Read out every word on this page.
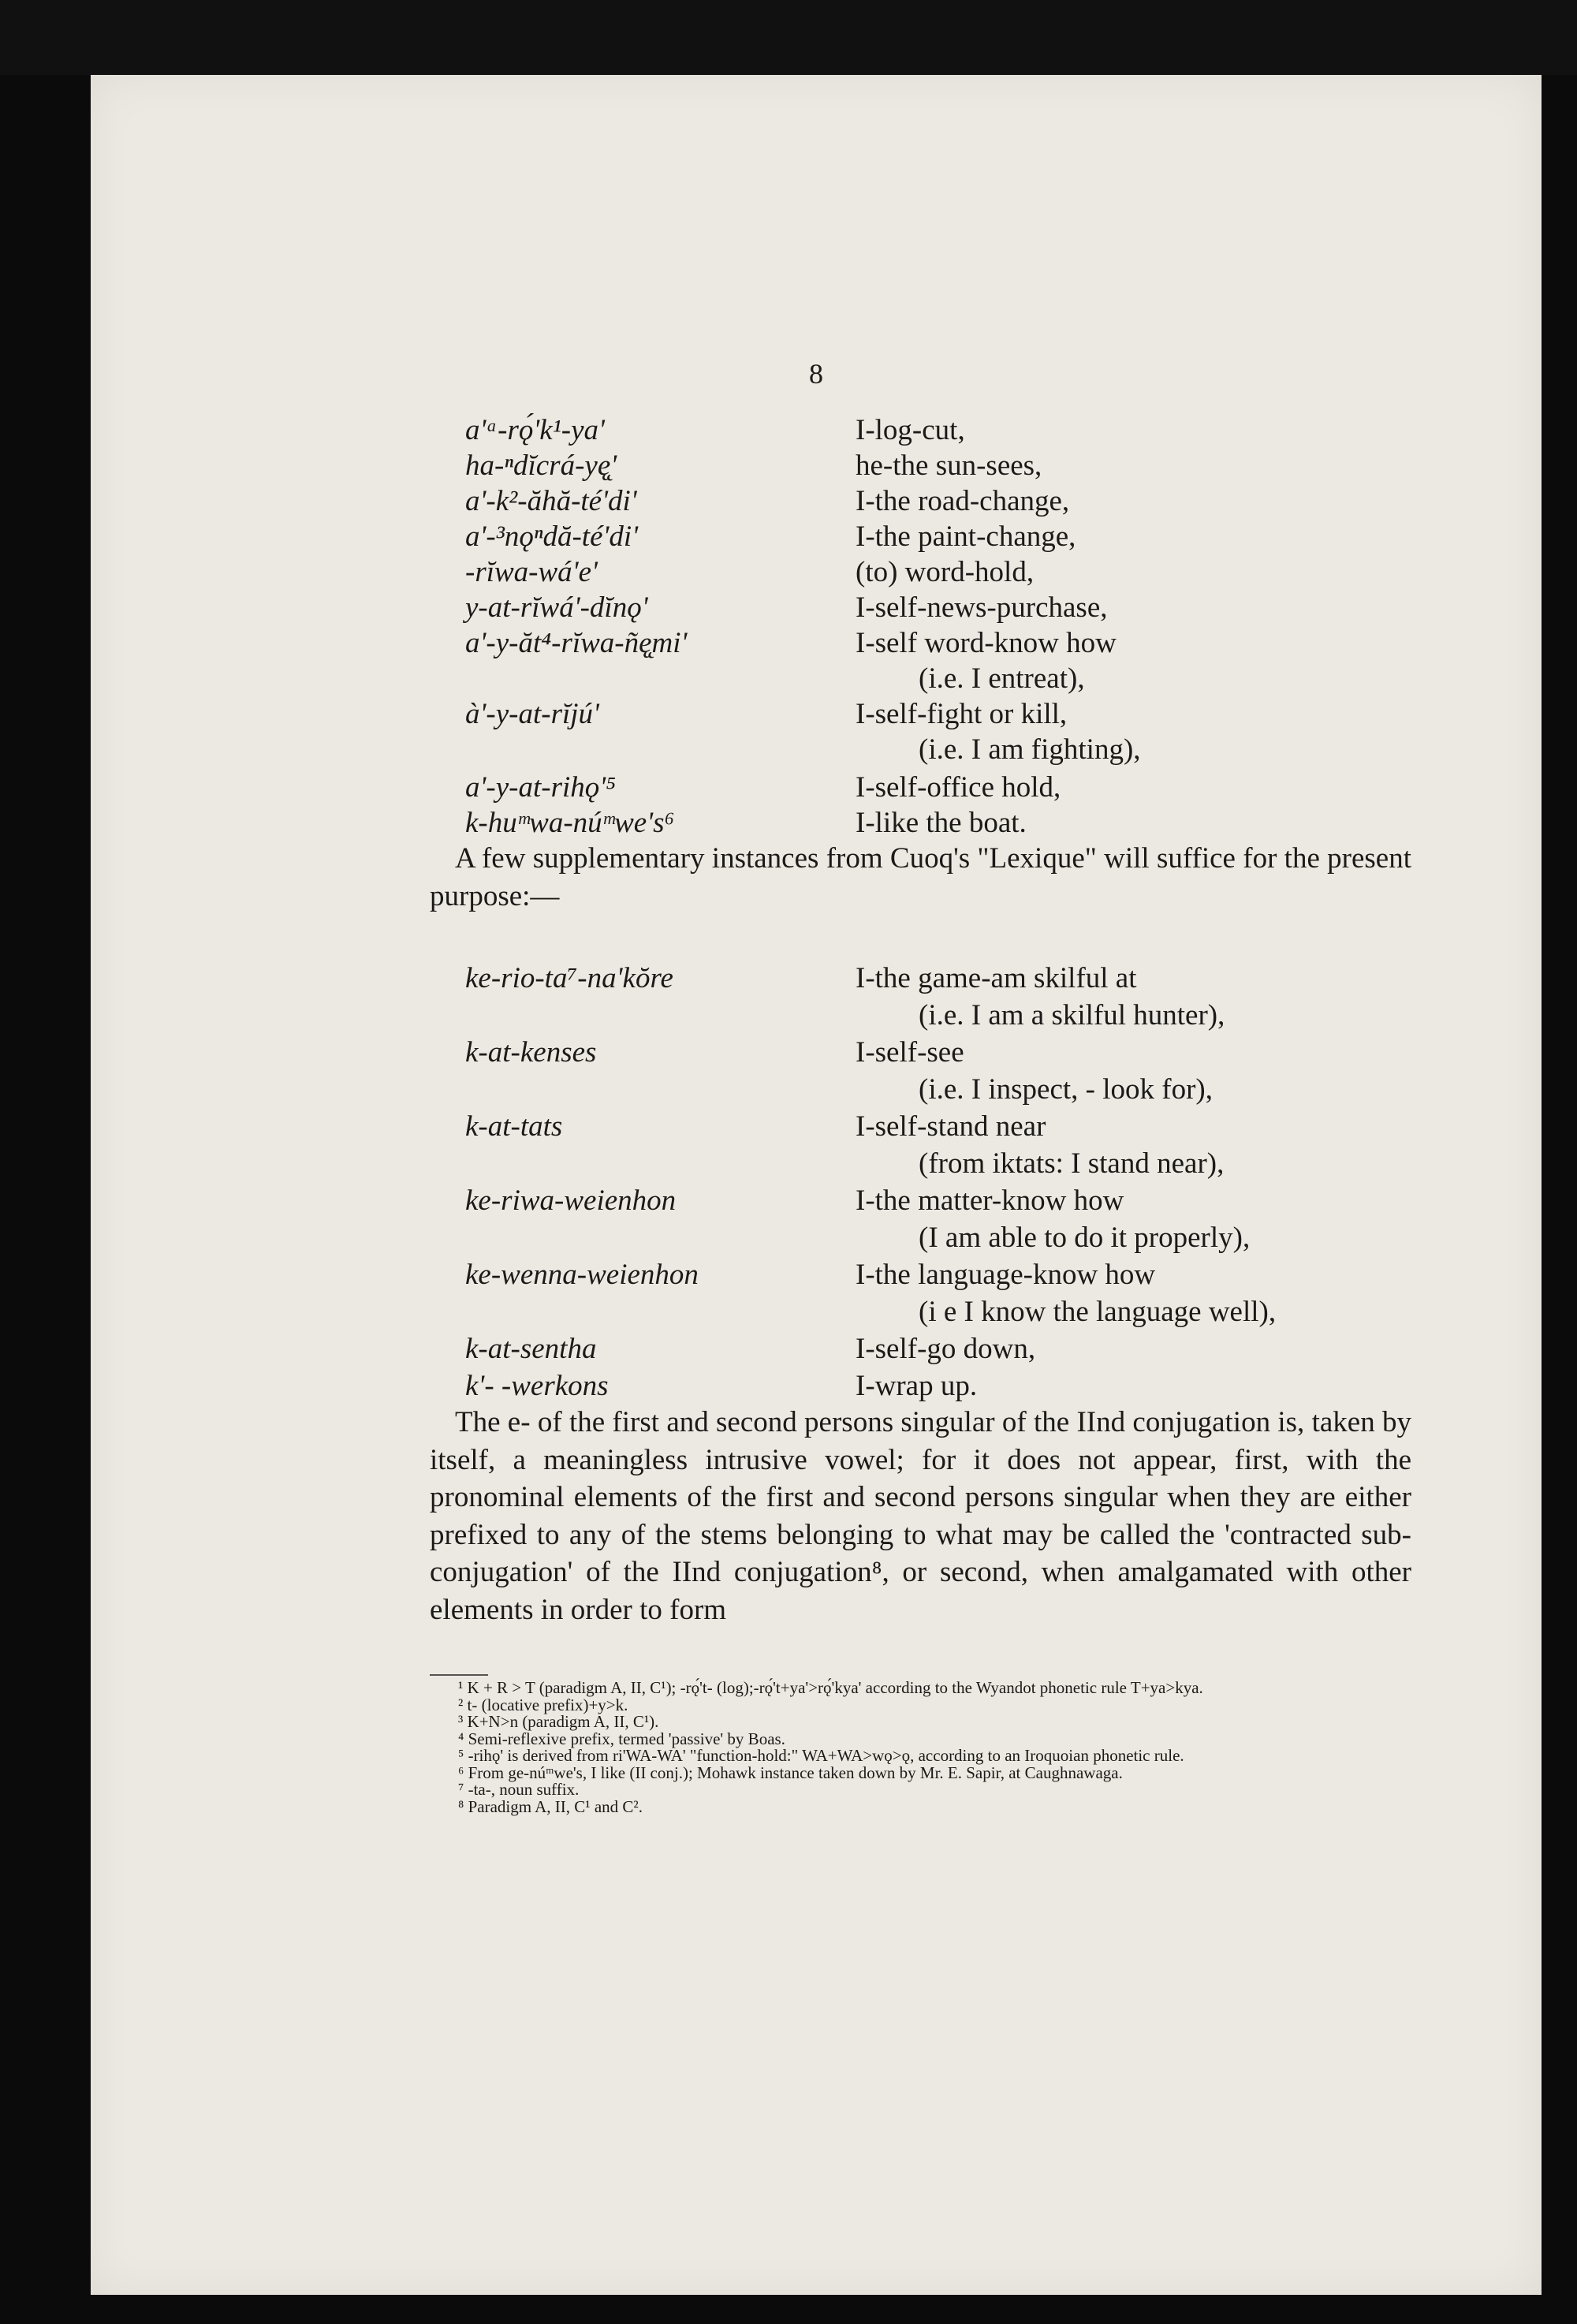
8
a'ᵃ-rǫ́'k¹-ya'	I-log-cut,
ha-ⁿdĭcrá-yę̨'	he-the sun-sees,
a'-k²-ăhă-té'di'	I-the road-change,
a'-³nǫⁿdă-té'di'	I-the paint-change,
-rĭwa-wá'e'	(to) word-hold,
y-at-rĭwá'-dĭnǫ'	I-self-news-purchase,
a'-y-ăt⁴-rĭwa-ñę̨mi'	I-self word-know how
(i.e. I entreat),
à'-y-at-rĭjú'	I-self-fight or kill,
(i.e. I am fighting),
a'-y-at-rihǫ'⁵	I-self-office hold,
k-huᵐwa-núᵐwe's⁶	I-like the boat.

A few supplementary instances from Cuoq's "Lexique" will suffice for the present purpose:—

ke-rio-ta⁷-na'kŏre	I-the game-am skilful at
(i.e. I am a skilful hunter),
k-at-kenses	I-self-see
(i.e. I inspect, - look for),
k-at-tats	I-self-stand near
(from iktats: I stand near),
ke-riwa-weienhon	I-the matter-know how
(I am able to do it properly),
ke-wenna-weienhon	I-the language-know how
(i e I know the language well),
k-at-sentha	I-self-go down,
k'- -werkons	I-wrap up.

The e- of the first and second persons singular of the IInd conjugation is, taken by itself, a meaningless intrusive vowel; for it does not appear, first, with the pronominal elements of the first and second persons singular when they are either prefixed to any of the stems belonging to what may be called the 'contracted sub-conjugation' of the IInd conjugation⁸, or second, when amalgamated with other elements in order to form

¹ K + R > T (paradigm A, II, C¹); -rǫ́'t- (log);-rǫ́'t+ya'>rǫ́'kya' according to the Wyandot phonetic rule T+ya>kya.

² t- (locative prefix)+y>k.

³ K+N>n (paradigm A, II, C¹).

⁴ Semi-reflexive prefix, termed 'passive' by Boas.

⁵ -rihǫ' is derived from ri'WA-WA' "function-hold:" WA+WA>wǫ>ǫ, according to an Iroquoian phonetic rule.

⁶ From ge-núᵐwe's, I like (II conj.); Mohawk instance taken down by Mr. E. Sapir, at Caughnawaga.

⁷ -ta-, noun suffix.

⁸ Paradigm A, II, C¹ and C².
